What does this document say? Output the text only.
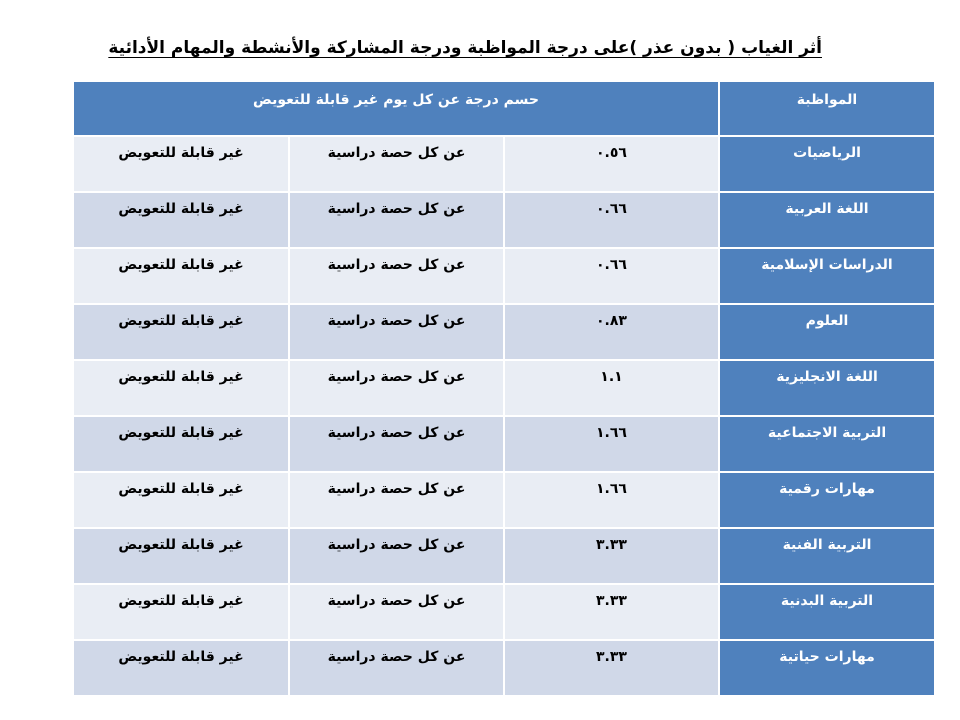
أثر الغياب ( بدون عذر )على درجة المواظبة ودرجة المشاركة والأنشطة والمهام الأدائية
حسم درجة عن كل يوم غير قابلة للتعويض			المواظبة
غير قابلة للتعويض	عن كل حصة دراسية	٠.٥٦	الرياضيات
غير قابلة للتعويض	عن كل حصة دراسية	٠.٦٦	اللغة العربية
غير قابلة للتعويض	عن كل حصة دراسية	٠.٦٦	الدراسات الإسلامية
غير قابلة للتعويض	عن كل حصة دراسية	٠.٨٣	العلوم
غير قابلة للتعويض	عن كل حصة دراسية	١.١	اللغة الانجليزية
غير قابلة للتعويض	عن كل حصة دراسية	١.٦٦	التربية الاجتماعية
غير قابلة للتعويض	عن كل حصة دراسية	١.٦٦	مهارات رقمية
غير قابلة للتعويض	عن كل حصة دراسية	٣.٣٣	التربية الفنية
غير قابلة للتعويض	عن كل حصة دراسية	٣.٣٣	التربية البدنية
غير قابلة للتعويض	عن كل حصة دراسية	٣.٣٣	مهارات حياتية
